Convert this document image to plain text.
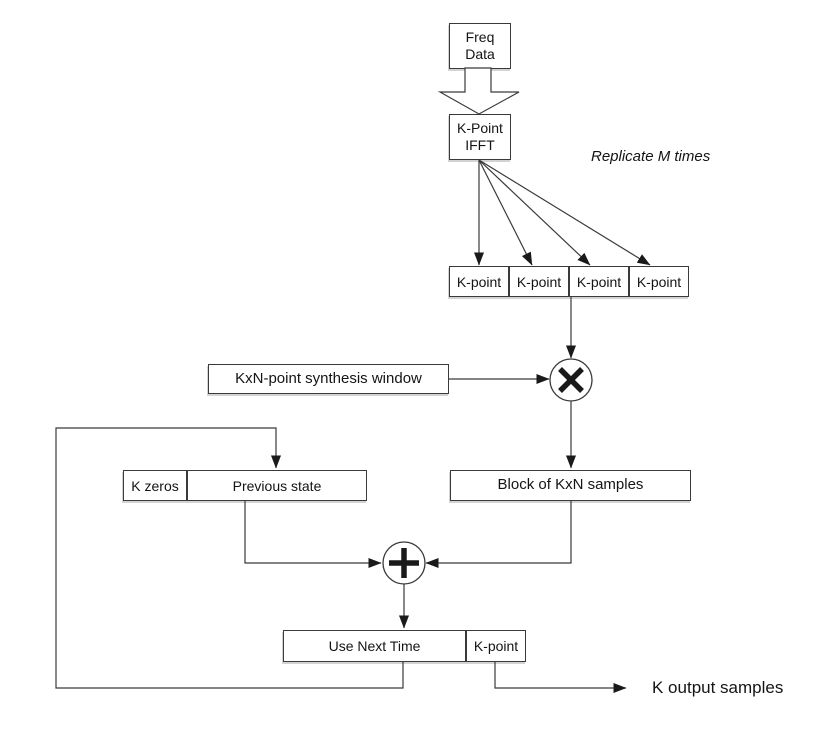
Freq
Data
K-Point
IFFT
Replicate M times
K-point	K-point	K-point	K-point
KxN-point synthesis window
Block of KxN samples
K zeros	Previous state
Use Next Time	K-point
K output samples
